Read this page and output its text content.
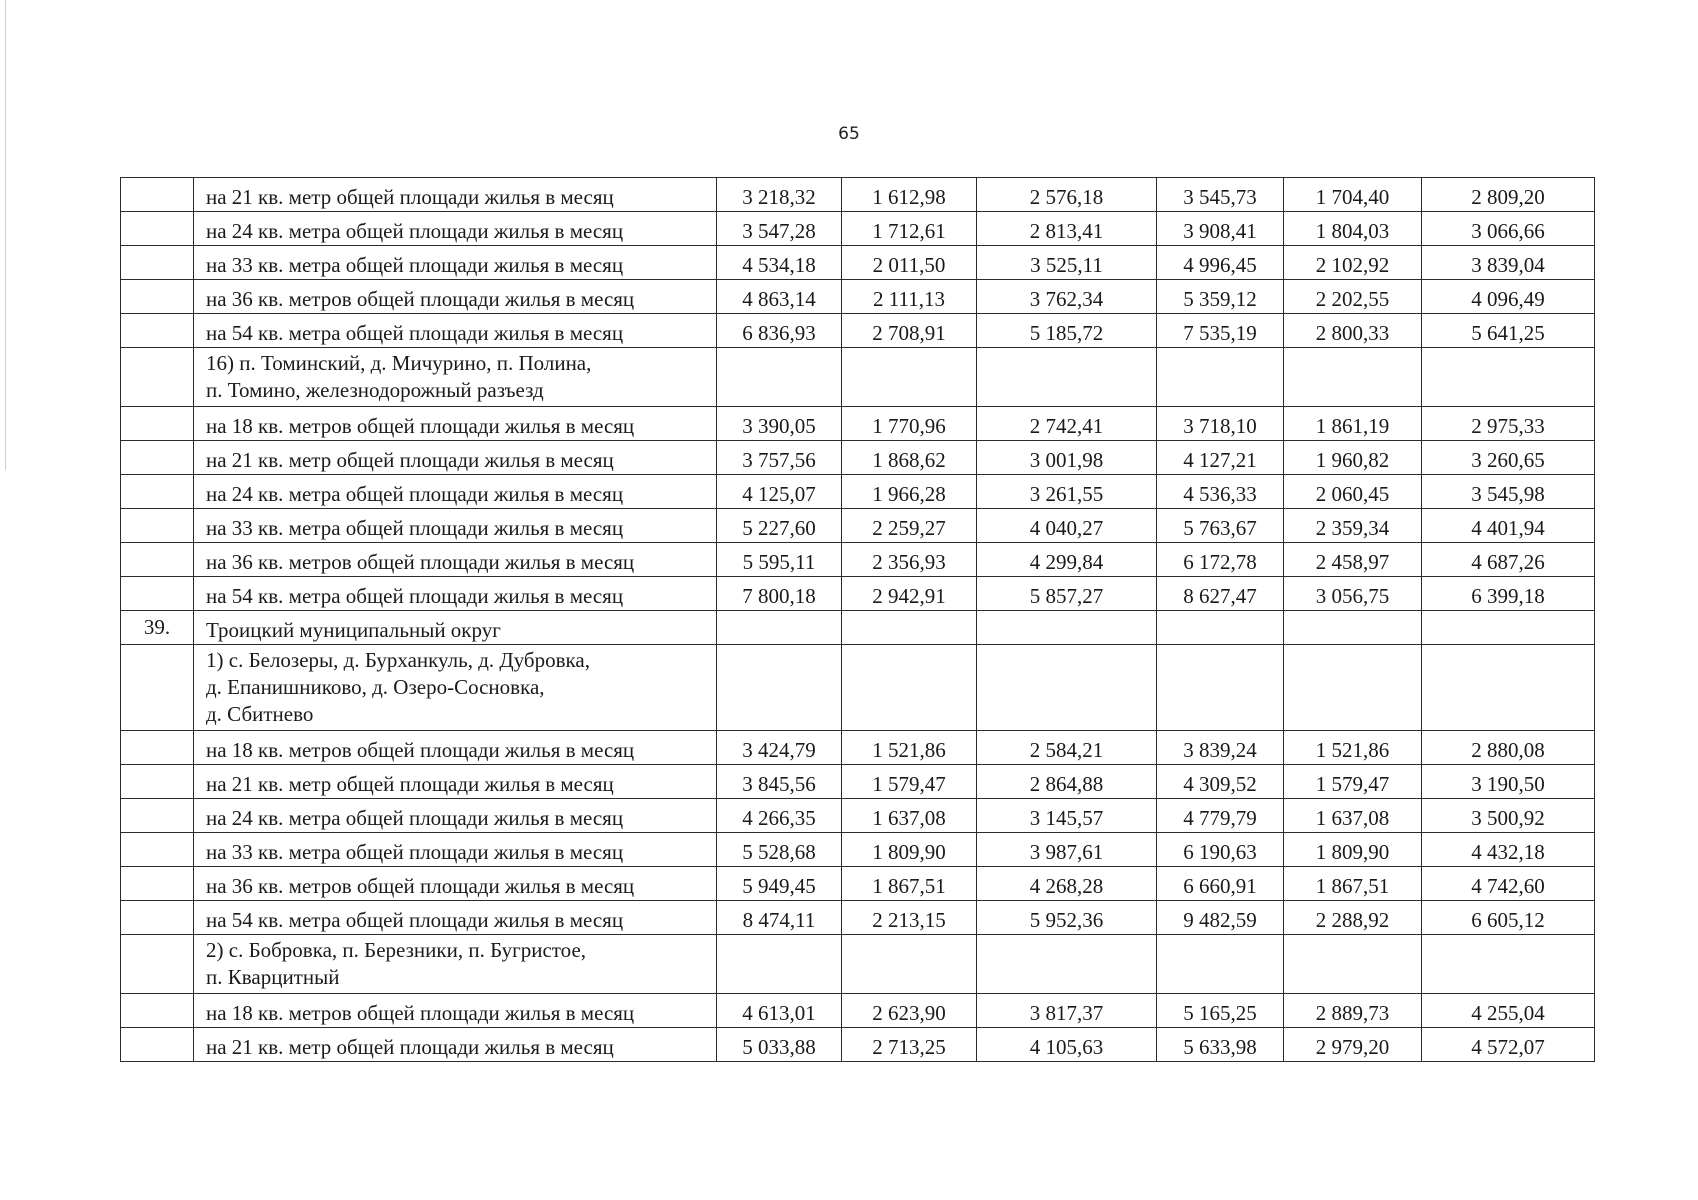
65
	на 21 кв. метр общей площади жилья в месяц	3 218,32	1 612,98	2 576,18	3 545,73	1 704,40	2 809,20
	на 24 кв. метра общей площади жилья в месяц	3 547,28	1 712,61	2 813,41	3 908,41	1 804,03	3 066,66
	на 33 кв. метра общей площади жилья в месяц	4 534,18	2 011,50	3 525,11	4 996,45	2 102,92	3 839,04
	на 36 кв. метров общей площади жилья в месяц	4 863,14	2 111,13	3 762,34	5 359,12	2 202,55	4 096,49
	на 54 кв. метра общей площади жилья в месяц	6 836,93	2 708,91	5 185,72	7 535,19	2 800,33	5 641,25

	16) п. Томинский, д. Мичурино, п. Полина,
п. Томино, железнодорожный разъезд						

	на 18 кв. метров общей площади жилья в месяц	3 390,05	1 770,96	2 742,41	3 718,10	1 861,19	2 975,33
	на 21 кв. метр общей площади жилья в месяц	3 757,56	1 868,62	3 001,98	4 127,21	1 960,82	3 260,65
	на 24 кв. метра общей площади жилья в месяц	4 125,07	1 966,28	3 261,55	4 536,33	2 060,45	3 545,98
	на 33 кв. метра общей площади жилья в месяц	5 227,60	2 259,27	4 040,27	5 763,67	2 359,34	4 401,94
	на 36 кв. метров общей площади жилья в месяц	5 595,11	2 356,93	4 299,84	6 172,78	2 458,97	4 687,26
	на 54 кв. метра общей площади жилья в месяц	7 800,18	2 942,91	5 857,27	8 627,47	3 056,75	6 399,18
39.	Троицкий муниципальный округ						

	1) с. Белозеры, д. Бурханкуль, д. Дубровка,
д. Епанишниково, д. Озеро-Сосновка,
д. Сбитнево						

	на 18 кв. метров общей площади жилья в месяц	3 424,79	1 521,86	2 584,21	3 839,24	1 521,86	2 880,08
	на 21 кв. метр общей площади жилья в месяц	3 845,56	1 579,47	2 864,88	4 309,52	1 579,47	3 190,50
	на 24 кв. метра общей площади жилья в месяц	4 266,35	1 637,08	3 145,57	4 779,79	1 637,08	3 500,92
	на 33 кв. метра общей площади жилья в месяц	5 528,68	1 809,90	3 987,61	6 190,63	1 809,90	4 432,18
	на 36 кв. метров общей площади жилья в месяц	5 949,45	1 867,51	4 268,28	6 660,91	1 867,51	4 742,60
	на 54 кв. метра общей площади жилья в месяц	8 474,11	2 213,15	5 952,36	9 482,59	2 288,92	6 605,12

	2) с. Бобровка, п. Березники, п. Бугристое,
п. Кварцитный						

	на 18 кв. метров общей площади жилья в месяц	4 613,01	2 623,90	3 817,37	5 165,25	2 889,73	4 255,04
	на 21 кв. метр общей площади жилья в месяц	5 033,88	2 713,25	4 105,63	5 633,98	2 979,20	4 572,07
